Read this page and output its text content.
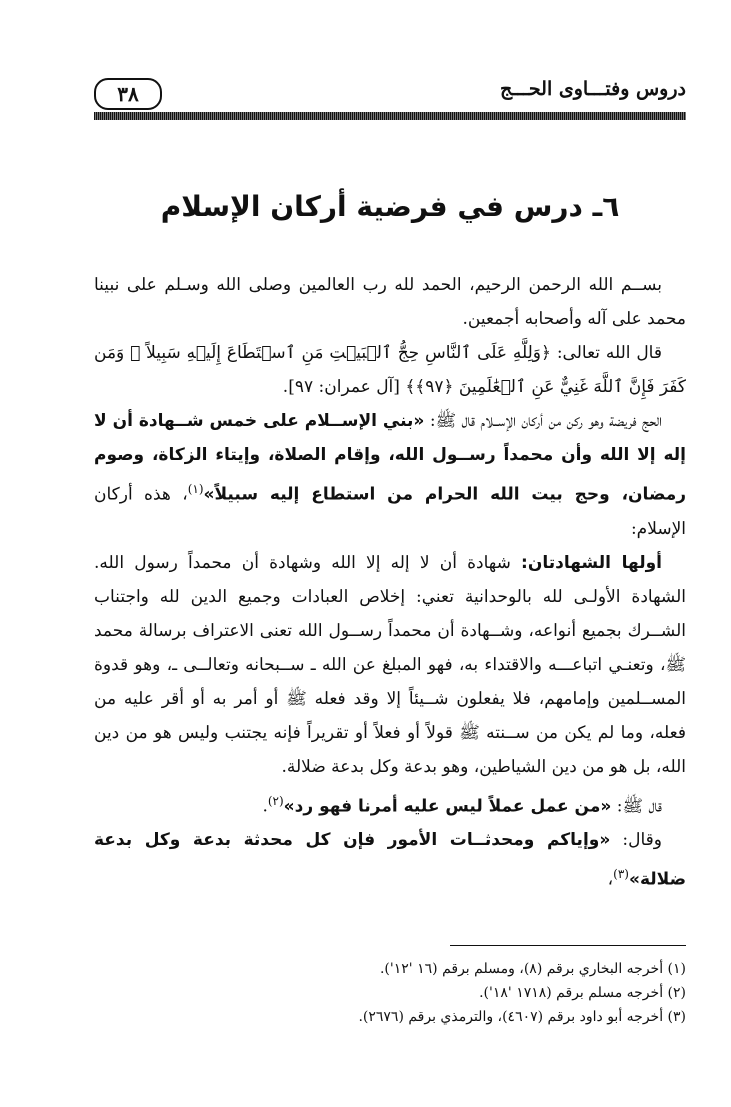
٣٨	دروس وفتـــاوى الحـــج
٦ـ درس في فرضية أركان الإسلام

بســم الله الرحمن الرحيم، الحمد لله رب العالمين وصلى الله وسـلم على نبينا محمد على آله وأصحابه أجمعين.

قال الله تعالى: ﴿وَلِلَّهِ عَلَى ٱلنَّاسِ حِجُّ ٱلۡبَيۡتِ مَنِ ٱسۡتَطَاعَ إِلَيۡهِ سَبِيلاً ۚ وَمَن كَفَرَ فَإِنَّ ٱللَّهَ غَنِيٌّ عَنِ ٱلۡعَٰلَمِينَ ﴿٩٧﴾﴾ [آل عمران: ٩٧].

الحج فريضة وهو ركن من أركان الإســلام قال ﷺ: «بني الإســلام على خمس شــهادة أن لا إله إلا الله وأن محمداً رســول الله، وإقام الصلاة، وإيتاء الزكاة، وصوم رمضان، وحج بيت الله الحرام من استطاع إليه سبيلاً»$^{(١)}$، هذه أركان الإسلام:

أولها الشهادتان: شهادة أن لا إله إلا الله وشهادة أن محمداً رسول الله. الشهادة الأولـى لله بالوحدانية تعني: إخلاص العبادات وجميع الدين لله واجتناب الشــرك بجميع أنواعه، وشــهادة أن محمداً رســول الله تعنى الاعتراف برسالة محمد ﷺ، وتعنـي اتباعـــه والاقتداء به، فهو المبلغ عن الله ـ ســبحانه وتعالــى ـ، وهو قدوة المســلمين وإمامهم، فلا يفعلون شــيئاً إلا وقد فعله ﷺ أو أمر به أو أقر عليه من فعله، وما لم يكن من ســنته ﷺ قولاً أو فعلاً أو تقريراً فإنه يجتنب وليس هو من دين الله، بل هو من دين الشياطين، وهو بدعة وكل بدعة ضلالة.

قال ﷺ: «من عمل عملاً ليس عليه أمرنا فهو رد»$^{(٢)}$.

وقال: «وإياكم ومحدثــات الأمور فإن كل محدثة بدعة وكل بدعة ضلالة»$^{(٣)}$،

(١) أخرجه البخاري برقم (٨)، ومسلم برقم (١٦ '١٢').
(٢) أخرجه مسلم برقم (١٧١٨ '١٨').
(٣) أخرجه أبو داود برقم (٤٦٠٧)، والترمذي برقم (٢٦٧٦).
